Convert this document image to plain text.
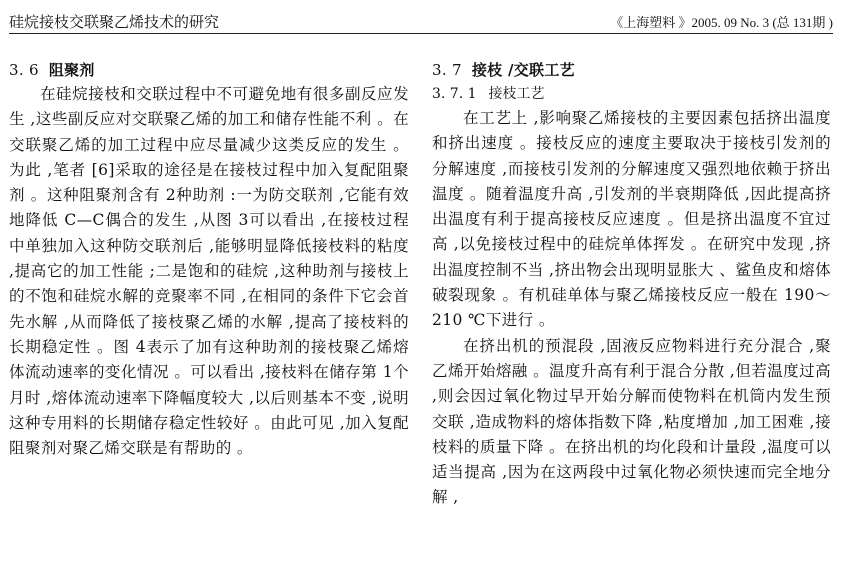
硅烷接枝交联聚乙烯技术的研究	《上海塑料 》2005. 09 No. 3 (总 131期 )
3. 6 阻聚剂

在硅烷接枝和交联过程中不可避免地有很多副反应发生 ,这些副反应对交联聚乙烯的加工和储存性能不利 。在交联聚乙烯的加工过程中应尽量减少这类反应的发生 。为此 ,笔者 [6]采取的途径是在接枝过程中加入复配阻聚剂 。这种阻聚剂含有 2种助剂 :一为防交联剂 ,它能有效地降低 C—C偶合的发生 ,从图 3可以看出 ,在接枝过程中单独加入这种防交联剂后 ,能够明显降低接枝料的粘度 ,提高它的加工性能 ;二是饱和的硅烷 ,这种助剂与接枝上的不饱和硅烷水解的竞聚率不同 ,在相同的条件下它会首先水解 ,从而降低了接枝聚乙烯的水解 ,提高了接枝料的长期稳定性 。图 4表示了加有这种助剂的接枝聚乙烯熔体流动速率的变化情况 。可以看出 ,接枝料在储存第 1个月时 ,熔体流动速率下降幅度较大 ,以后则基本不变 ,说明这种专用料的长期储存稳定性较好 。由此可见 ,加入复配阻聚剂对聚乙烯交联是有帮助的 。

3. 7 接枝 /交联工艺
3. 7. 1 接枝工艺

在工艺上 ,影响聚乙烯接枝的主要因素包括挤出温度和挤出速度 。接枝反应的速度主要取决于接枝引发剂的分解速度 ,而接枝引发剂的分解速度又强烈地依赖于挤出温度 。随着温度升高 ,引发剂的半衰期降低 ,因此提高挤出温度有利于提高接枝反应速度 。但是挤出温度不宜过高 ,以免接枝过程中的硅烷单体挥发 。在研究中发现 ,挤出温度控制不当 ,挤出物会出现明显胀大 、鲨鱼皮和熔体破裂现象 。有机硅单体与聚乙烯接枝反应一般在 190～210 ℃下进行 。

在挤出机的预混段 ,固液反应物料进行充分混合 ,聚乙烯开始熔融 。温度升高有利于混合分散 ,但若温度过高 ,则会因过氧化物过早开始分解而使物料在机筒内发生预交联 ,造成物料的熔体指数下降 ,粘度增加 ,加工困难 ,接枝料的质量下降 。在挤出机的均化段和计量段 ,温度可以适当提高 ,因为在这两段中过氧化物必须快速而完全地分解 ,
